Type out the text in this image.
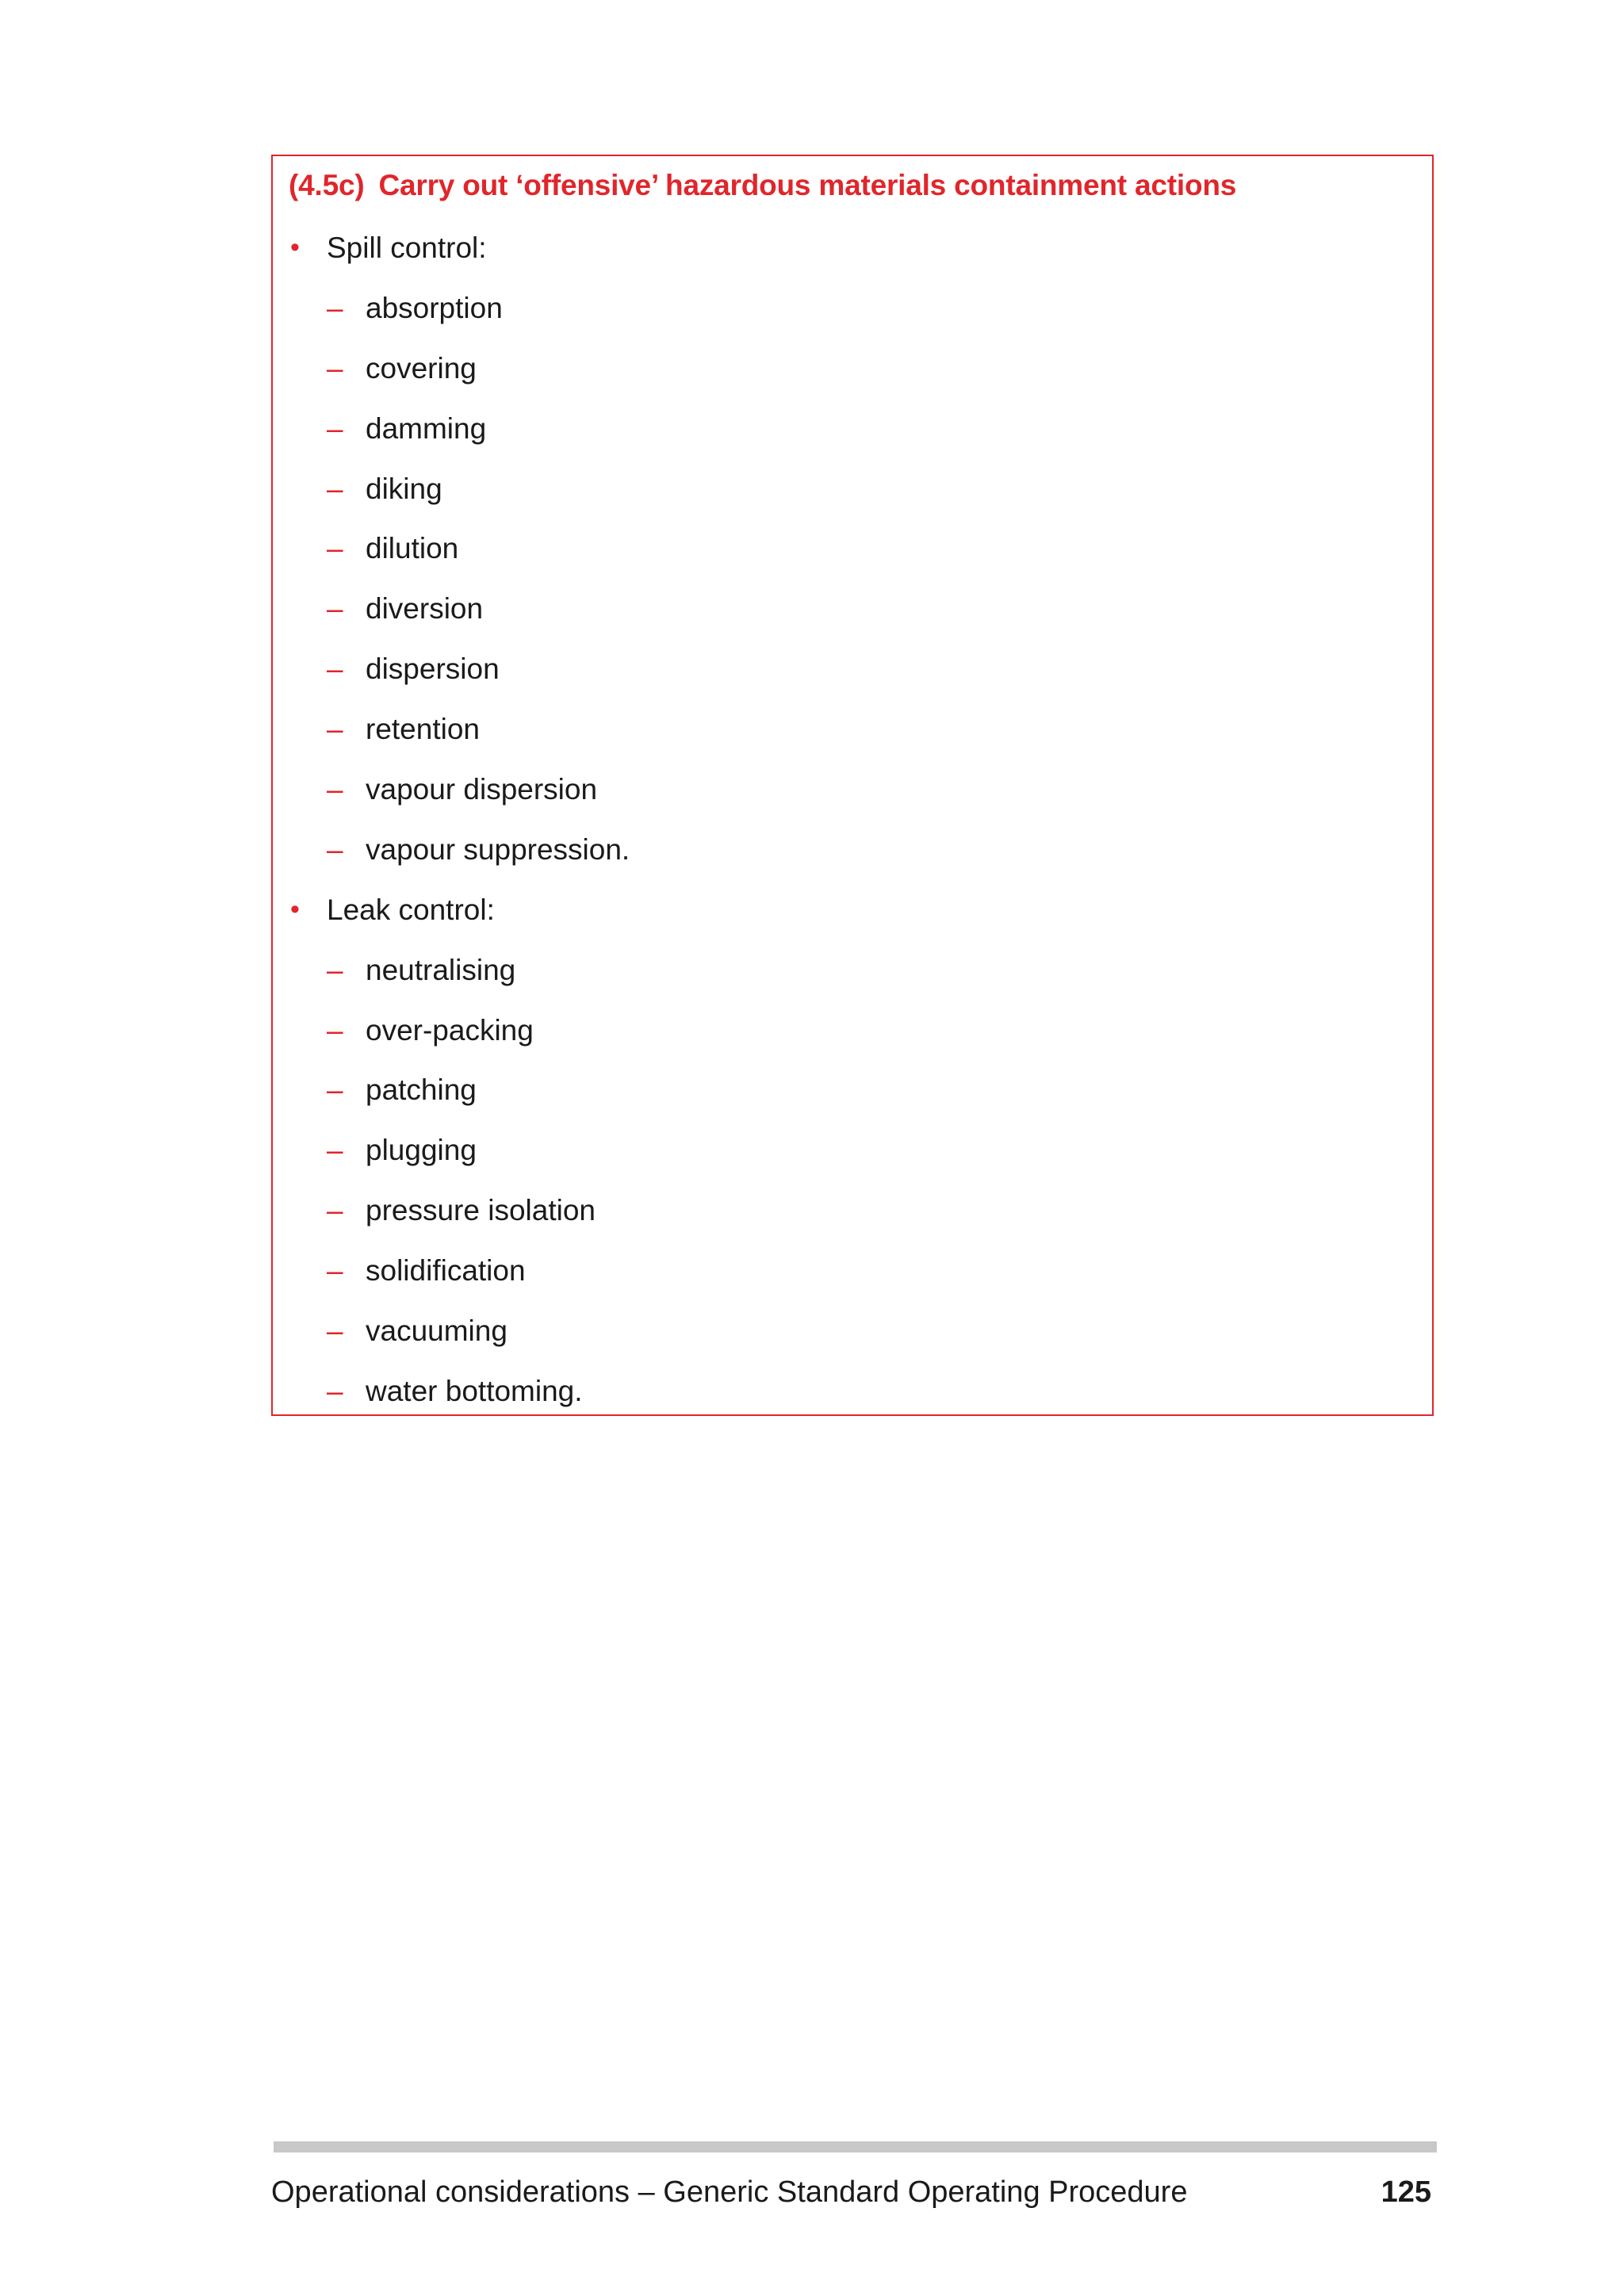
(4.5c) Carry out ‘offensive’ hazardous materials containment actions
• Spill control:
– absorption
– covering
– damming
– diking
– dilution
– diversion
– dispersion
– retention
– vapour dispersion
– vapour suppression.
• Leak control:
– neutralising
– over-packing
– patching
– plugging
– pressure isolation
– solidification
– vacuuming
– water bottoming.
Operational considerations – Generic Standard Operating Procedure	125
